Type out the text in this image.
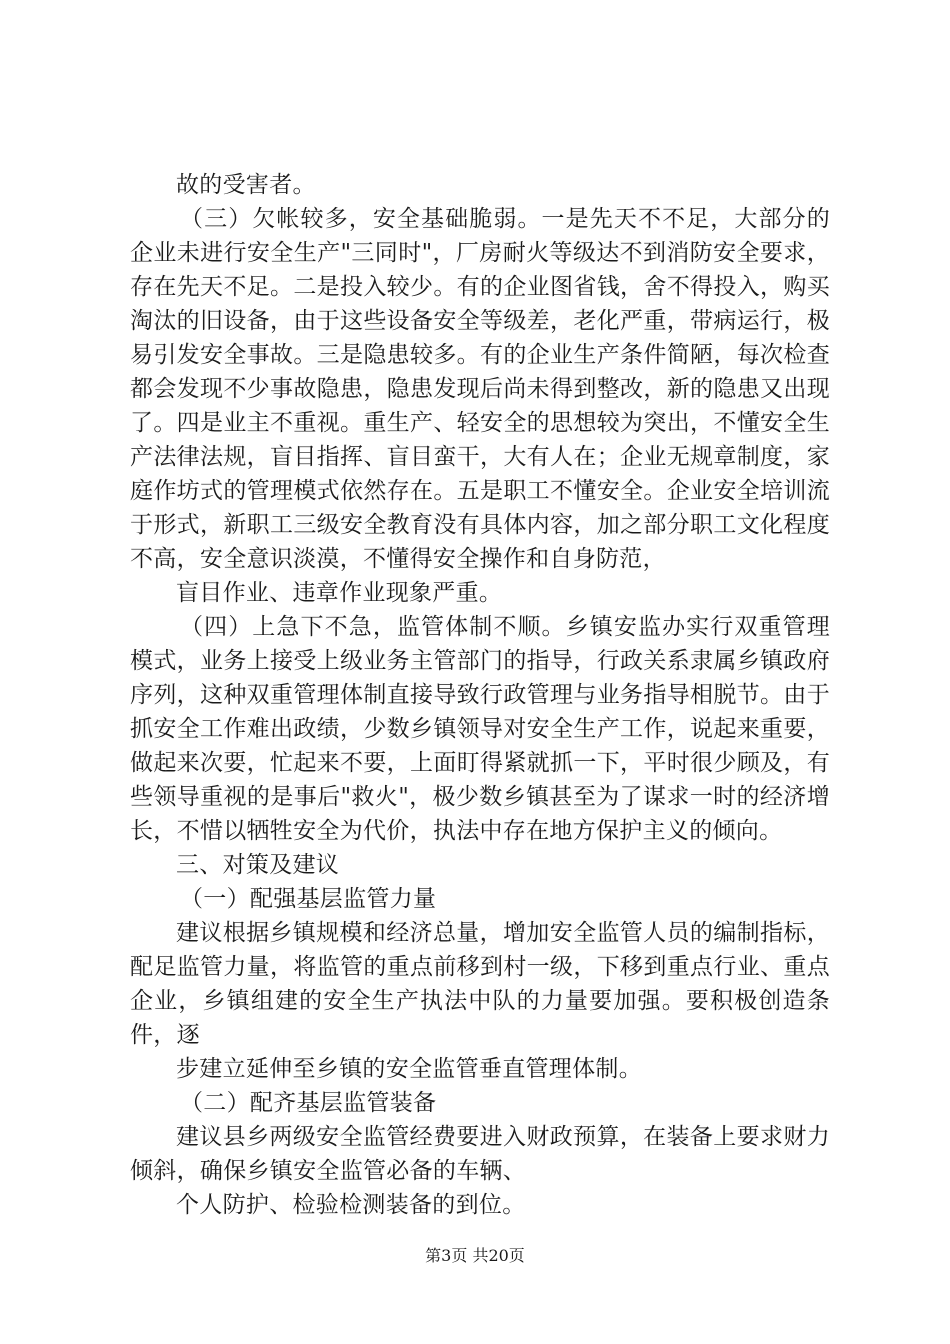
故的受害者。

（三）欠帐较多，安全基础脆弱。一是先天不不足，大部分的企业未进行安全生产"三同时"，厂房耐火等级达不到消防安全要求，存在先天不足。二是投入较少。有的企业图省钱，舍不得投入，购买淘汰的旧设备，由于这些设备安全等级差，老化严重，带病运行，极易引发安全事故。三是隐患较多。有的企业生产条件简陋，每次检查都会发现不少事故隐患，隐患发现后尚未得到整改，新的隐患又出现了。四是业主不重视。重生产、轻安全的思想较为突出，不懂安全生产法律法规，盲目指挥、盲目蛮干，大有人在；企业无规章制度，家庭作坊式的管理模式依然存在。五是职工不懂安全。企业安全培训流于形式，新职工三级安全教育没有具体内容，加之部分职工文化程度不高，安全意识淡漠，不懂得安全操作和自身防范，

盲目作业、违章作业现象严重。

（四）上急下不急，监管体制不顺。乡镇安监办实行双重管理模式，业务上接受上级业务主管部门的指导，行政关系隶属乡镇政府序列，这种双重管理体制直接导致行政管理与业务指导相脱节。由于抓安全工作难出政绩，少数乡镇领导对安全生产工作，说起来重要，做起来次要，忙起来不要，上面盯得紧就抓一下，平时很少顾及，有些领导重视的是事后"救火"，极少数乡镇甚至为了谋求一时的经济增长，不惜以牺牲安全为代价，执法中存在地方保护主义的倾向。

三、对策及建议

（一）配强基层监管力量

建议根据乡镇规模和经济总量，增加安全监管人员的编制指标，配足监管力量，将监管的重点前移到村一级，下移到重点行业、重点企业，乡镇组建的安全生产执法中队的力量要加强。要积极创造条件，逐

步建立延伸至乡镇的安全监管垂直管理体制。

（二）配齐基层监管装备

建议县乡两级安全监管经费要进入财政预算，在装备上要求财力倾斜，确保乡镇安全监管必备的车辆、

个人防护、检验检测装备的到位。

第3页 共20页
